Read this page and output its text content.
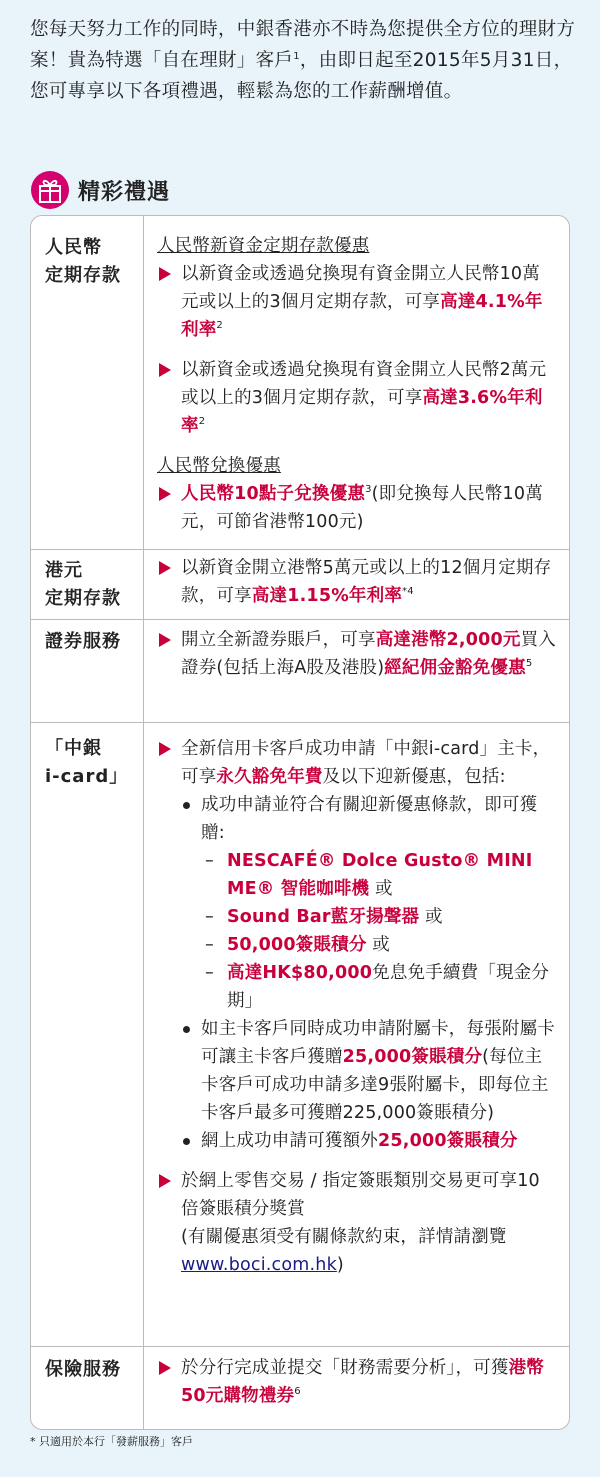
您每天努力工作的同時，中銀香港亦不時為您提供全方位的理財方案！貴為特選「自在理財」客戶$^1$，由即日起至2015年5月31日，您可專享以下各項禮遇，輕鬆為您的工作薪酬增值。
精彩禮遇
人民幣
定期存款
人民幣新資金定期存款優惠
以新資金或透過兌換現有資金開立人民幣10萬元或以上的3個月定期存款，可享高達4.1%年利率$^2$
以新資金或透過兌換現有資金開立人民幣2萬元或以上的3個月定期存款，可享高達3.6%年利率$^2$
人民幣兌換優惠
人民幣10點子兌換優惠$^3$(即兌換每人民幣10萬元，可節省港幣100元)
港元
定期存款
以新資金開立港幣5萬元或以上的12個月定期存款，可享高達1.15%年利率$^{*4}$
證券服務	開立全新證券賬戶，可享高達港幣2,000元買入證券(包括上海A股及港股)經紀佣金豁免優惠$^5$
「中銀
i-card」
全新信用卡客戶成功申請「中銀i-card」主卡，可享永久豁免年費及以下迎新優惠，包括:
成功申請並符合有關迎新優惠條款，即可獲贈:
– NESCAFÉ® Dolce Gusto® MINI ME® 智能咖啡機 或
– Sound Bar藍牙揚聲器 或
– 50,000簽賬積分 或
– 高達HK$80,000免息免手續費「現金分期」
如主卡客戶同時成功申請附屬卡，每張附屬卡可讓主卡客戶獲贈25,000簽賬積分(每位主卡客戶可成功申請多達9張附屬卡，即每位主卡客戶最多可獲贈225,000簽賬積分)
網上成功申請可獲額外25,000簽賬積分
於網上零售交易 / 指定簽賬類別交易更可享10倍簽賬積分獎賞
(有關優惠須受有關條款約束，詳情請瀏覽www.boci.com.hk)
保險服務	於分行完成並提交「財務需要分析」，可獲港幣50元購物禮券$^6$
* 只適用於本行「發薪服務」客戶
